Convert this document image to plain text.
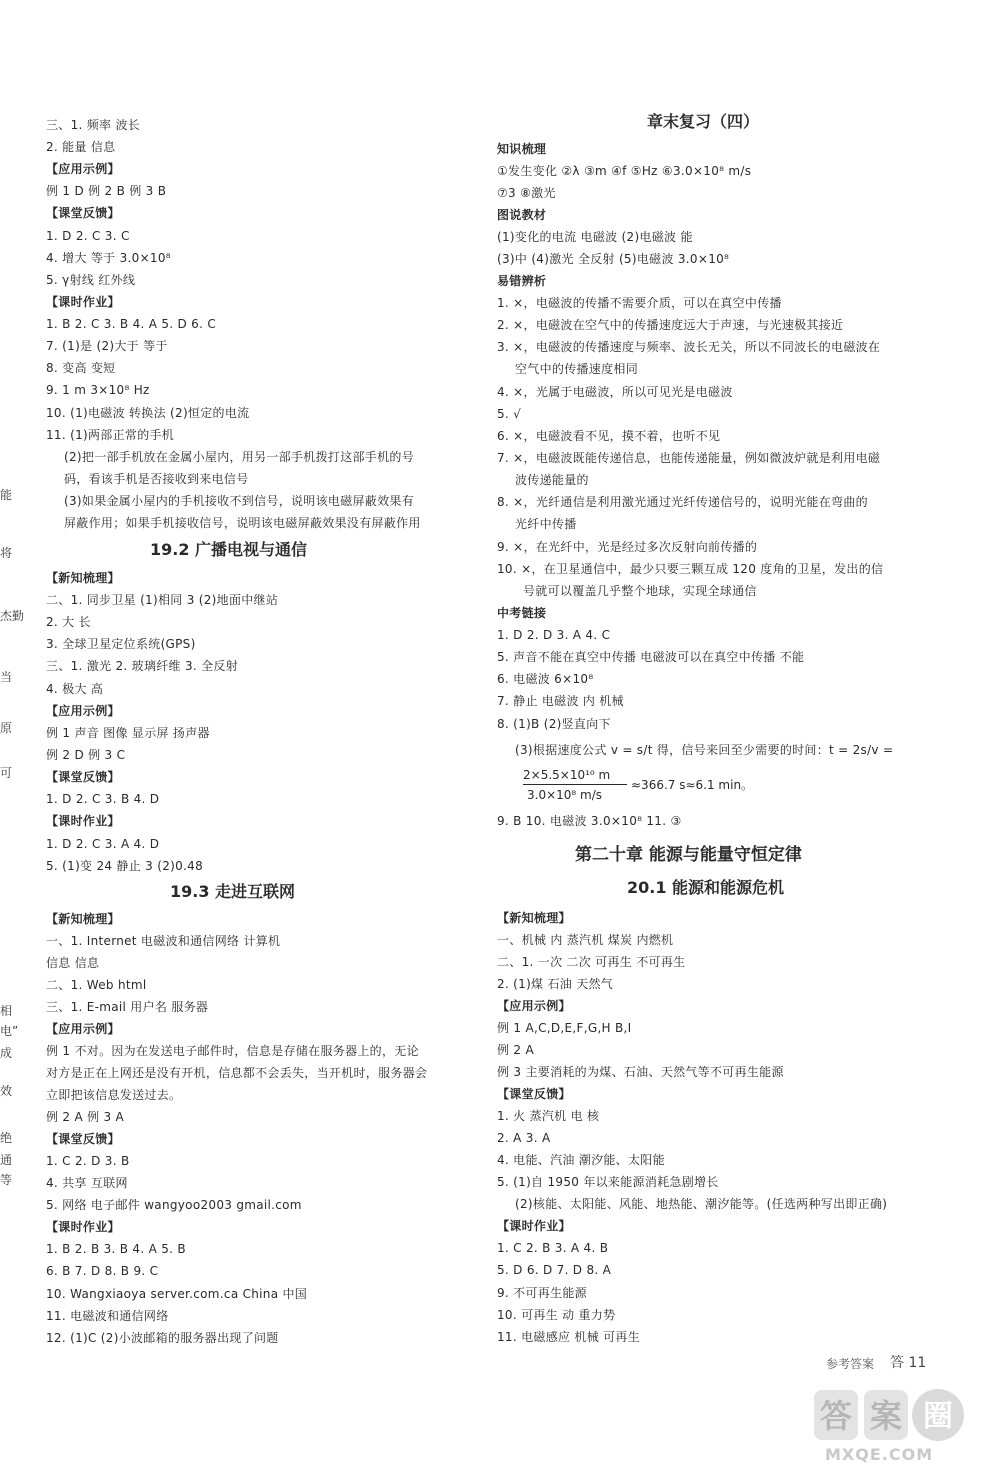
能
将
杰勤
当
原
可
相
电”
成
效
绝
通
等
三、1. 频率 波长
2. 能量 信息
【应用示例】
例 1 D 例 2 B 例 3 B
【课堂反馈】
1. D 2. C 3. C
4. 增大 等于 3.0×10⁸
5. γ射线 红外线
【课时作业】
1. B 2. C 3. B 4. A 5. D 6. C
7. (1)是 (2)大于 等于
8. 变高 变短
9. 1 m 3×10⁸ Hz
10. (1)电磁波 转换法 (2)恒定的电流
11. (1)两部正常的手机
(2)把一部手机放在金属小屋内，用另一部手机拨打这部手机的号
码，看该手机是否接收到来电信号
(3)如果金属小屋内的手机接收不到信号，说明该电磁屏蔽效果有
屏蔽作用；如果手机接收信号，说明该电磁屏蔽效果没有屏蔽作用
19.2 广播电视与通信
【新知梳理】
二、1. 同步卫星 (1)相同 3 (2)地面中继站
2. 大 长
3. 全球卫星定位系统(GPS)
三、1. 激光 2. 玻璃纤维 3. 全反射
4. 极大 高
【应用示例】
例 1 声音 图像 显示屏 扬声器
例 2 D 例 3 C
【课堂反馈】
1. D 2. C 3. B 4. D
【课时作业】
1. D 2. C 3. A 4. D
5. (1)变 24 静止 3 (2)0.48
19.3 走进互联网
【新知梳理】
一、1. Internet 电磁波和通信网络 计算机
信息 信息
二、1. Web html
三、1. E-mail 用户名 服务器
【应用示例】
例 1 不对。因为在发送电子邮件时，信息是存储在服务器上的，无论
对方是正在上网还是没有开机，信息都不会丢失，当开机时，服务器会
立即把该信息发送过去。
例 2 A 例 3 A
【课堂反馈】
1. C 2. D 3. B
4. 共享 互联网
5. 网络 电子邮件 wangyoo2003 gmail.com
【课时作业】
1. B 2. B 3. B 4. A 5. B
6. B 7. D 8. B 9. C
10. Wangxiaoya server.com.ca China 中国
11. 电磁波和通信网络
12. (1)C (2)小波邮箱的服务器出现了问题
章末复习（四）
知识梳理
①发生变化 ②λ ③m ④f ⑤Hz ⑥3.0×10⁸ m/s
⑦3 ⑧激光
图说教材
(1)变化的电流 电磁波 (2)电磁波 能
(3)中 (4)激光 全反射 (5)电磁波 3.0×10⁸
易错辨析
1. ×，电磁波的传播不需要介质，可以在真空中传播
2. ×，电磁波在空气中的传播速度远大于声速，与光速极其接近
3. ×，电磁波的传播速度与频率、波长无关，所以不同波长的电磁波在
空气中的传播速度相同
4. ×，光属于电磁波，所以可见光是电磁波
5. √
6. ×，电磁波看不见，摸不着，也听不见
7. ×，电磁波既能传递信息，也能传递能量，例如微波炉就是利用电磁
波传递能量的
8. ×，光纤通信是利用激光通过光纤传递信号的，说明光能在弯曲的
光纤中传播
9. ×，在光纤中，光是经过多次反射向前传播的
10. ×，在卫星通信中，最少只要三颗互成 120 度角的卫星，发出的信
号就可以覆盖几乎整个地球，实现全球通信
中考链接
1. D 2. D 3. A 4. C
5. 声音不能在真空中传播 电磁波可以在真空中传播 不能
6. 电磁波 6×10⁸
7. 静止 电磁波 内 机械
8. (1)B (2)竖直向下
(3)根据速度公式 v = s/t 得，信号来回至少需要的时间：t = 2s/v =
2×5.5×10¹⁰ m
3.0×10⁸ m/s
≈366.7 s≈6.1 min。
9. B 10. 电磁波 3.0×10⁸ 11. ③
第二十章 能源与能量守恒定律
20.1 能源和能源危机
【新知梳理】
一、机械 内 蒸汽机 煤炭 内燃机
二、1. 一次 二次 可再生 不可再生
2. (1)煤 石油 天然气
【应用示例】
例 1 A,C,D,E,F,G,H B,I
例 2 A
例 3 主要消耗的为煤、石油、天然气等不可再生能源
【课堂反馈】
1. 火 蒸汽机 电 核
2. A 3. A
4. 电能、汽油 潮汐能、太阳能
5. (1)自 1950 年以来能源消耗急剧增长
(2)核能、太阳能、风能、地热能、潮汐能等。(任选两种写出即正确)
【课时作业】
1. C 2. B 3. A 4. B
5. D 6. D 7. D 8. A
9. 不可再生能源
10. 可再生 动 重力势
11. 电磁感应 机械 可再生
参考答案 答 11
答 案 圈
MXQE.COM
